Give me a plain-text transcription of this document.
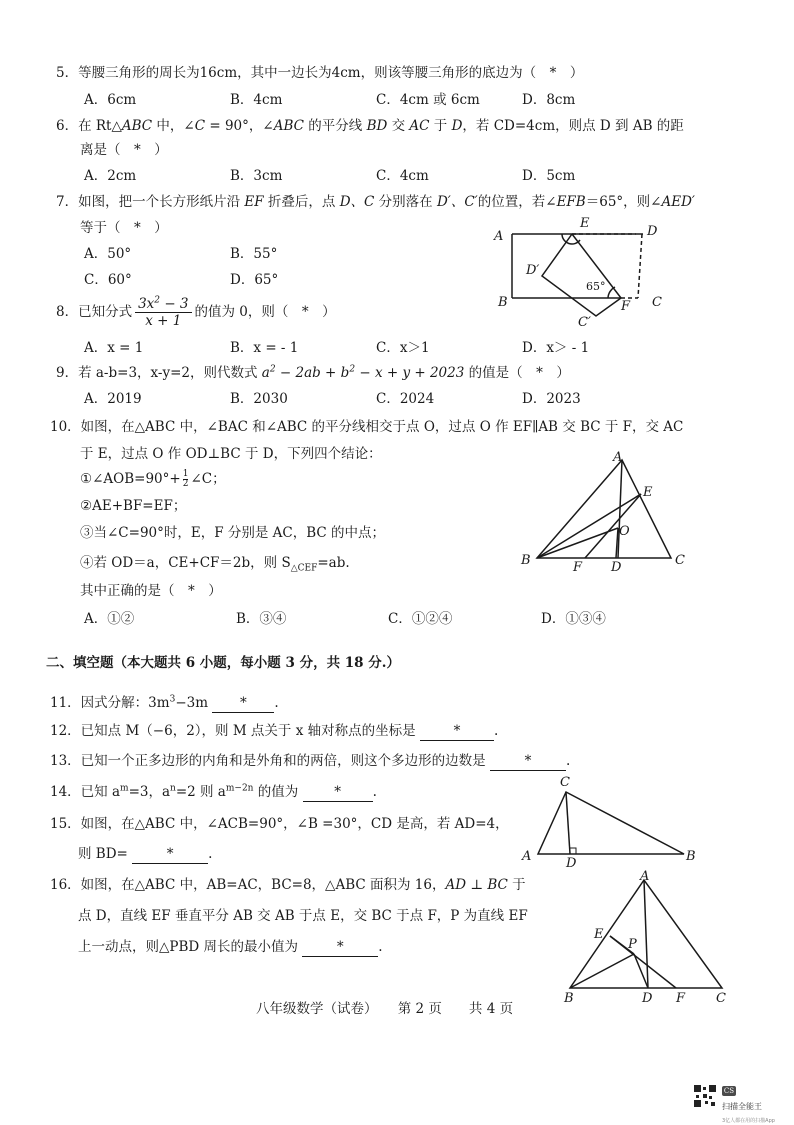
5．等腰三角形的周长为16cm，其中一边长为4cm，则该等腰三角形的底边为（　*　）
A．6cm	B．4cm	C．4cm 或 6cm	D．8cm
6．在 Rt△ABC 中，∠C = 90°，∠ABC 的平分线 BD 交 AC 于 D，若 CD=4cm，则点 D 到 AB 的距
离是（　*　）
A．2cm	B．3cm	C．4cm	D．5cm
7．如图，把一个长方形纸片沿 EF 折叠后，点 D、C 分别落在 D′、C′的位置，若∠EFB＝65°，则∠AED′
等于（　*　）
A．50°	B．55°
C．60°	D．65°
A
B	C
D
E
F
D′
C′
65°
8．已知分式 $\frac{3x^2 - 3}{x + 1}$ 的值为 0，则（　*　）
A．x = 1	B．x = - 1	C．x＞1	D．x＞ - 1
9．若 a-b=3，x-y=2，则代数式 $a^2 - 2ab + b^2 - x + y + 2023$ 的值是（　*　）
A．2019	B．2030	C．2024	D．2023
10．如图，在△ABC 中，∠BAC 和∠ABC 的平分线相交于点 O，过点 O 作 EF∥AB 交 BC 于 F，交 AC
于 E，过点 O 作 OD⊥BC 于 D，下列四个结论：
①∠AOB=90°+ $\frac{1}{2}$ ∠C；
②AE+BF=EF；
③当∠C=90°时，E，F 分别是 AC，BC 的中点；
④若 OD＝a，CE+CF＝2b，则 $S_{\triangle CEF}=ab$.
其中正确的是（　*　）
A．①②	B．③④	C．①②④	D．①③④
A
B	C
D
E
F
O
二、填空题（本大题共 6 小题，每小题 3 分，共 18 分.）
11．因式分解：$3m^3-3m$ * .
12．已知点 M（−6，2），则 M 点关于 x 轴对称点的坐标是 * .
13．已知一个正多边形的内角和是外角和的两倍，则这个多边形的边数是	*	.
14．已知 $a^m=3$，$a^n=2$ 则 $a^{m-2n}$ 的值为 * .
15．如图，在△ABC 中，∠ACB=90°，∠B =30°，CD 是高，若 AD=4，
则 BD=	*	.
C
A	B
D
16．如图，在△ABC 中，AB=AC，BC=8，△ABC 面积为 16，AD ⊥ BC 于
点 D，直线 EF 垂直平分 AB 交 AB 于点 E，交 BC 于点 F，P 为直线 EF
上一动点，则△PBD 周长的最小值为	*	.
A
B	C
D
E
F
P
八年级数学（试卷）　　第 2 页　　共 4 页
CS 扫描全能王
3亿人都在用的扫描App
